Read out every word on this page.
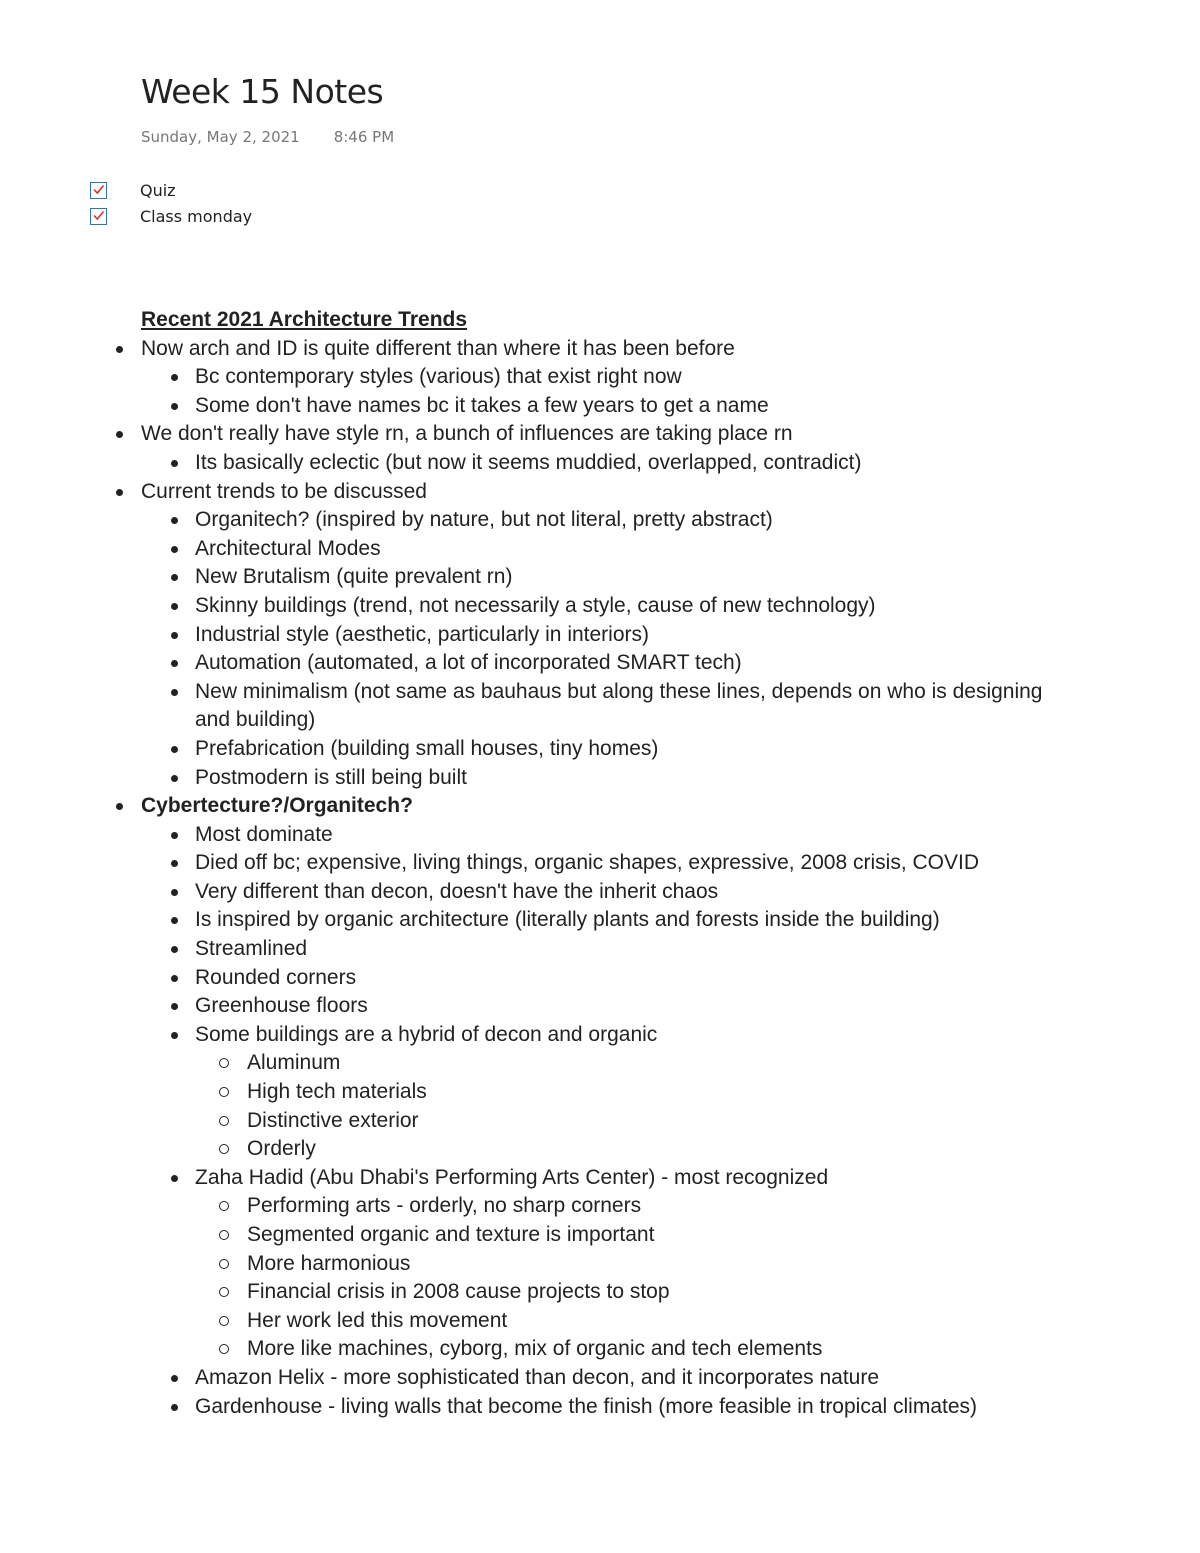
Week 15 Notes
Sunday, May 2, 2021 8:46 PM
Quiz
Class monday
Recent 2021 Architecture Trends
Now arch and ID is quite different than where it has been before
Bc contemporary styles (various) that exist right now
Some don't have names bc it takes a few years to get a name
We don't really have style rn, a bunch of influences are taking place rn
Its basically eclectic (but now it seems muddied, overlapped, contradict)
Current trends to be discussed
Organitech? (inspired by nature, but not literal, pretty abstract)
Architectural Modes
New Brutalism (quite prevalent rn)
Skinny buildings (trend, not necessarily a style, cause of new technology)
Industrial style (aesthetic, particularly in interiors)
Automation (automated, a lot of incorporated SMART tech)
New minimalism (not same as bauhaus but along these lines, depends on who is designing and building)
Prefabrication (building small houses, tiny homes)
Postmodern is still being built
Cybertecture?/Organitech?
Most dominate
Died off bc; expensive, living things, organic shapes, expressive, 2008 crisis, COVID
Very different than decon, doesn't have the inherit chaos
Is inspired by organic architecture (literally plants and forests inside the building)
Streamlined
Rounded corners
Greenhouse floors
Some buildings are a hybrid of decon and organic
Aluminum
High tech materials
Distinctive exterior
Orderly
Zaha Hadid (Abu Dhabi's Performing Arts Center) - most recognized
Performing arts - orderly, no sharp corners
Segmented organic and texture is important
More harmonious
Financial crisis in 2008 cause projects to stop
Her work led this movement
More like machines, cyborg, mix of organic and tech elements
Amazon Helix - more sophisticated than decon, and it incorporates nature
Gardenhouse - living walls that become the finish (more feasible in tropical climates)
